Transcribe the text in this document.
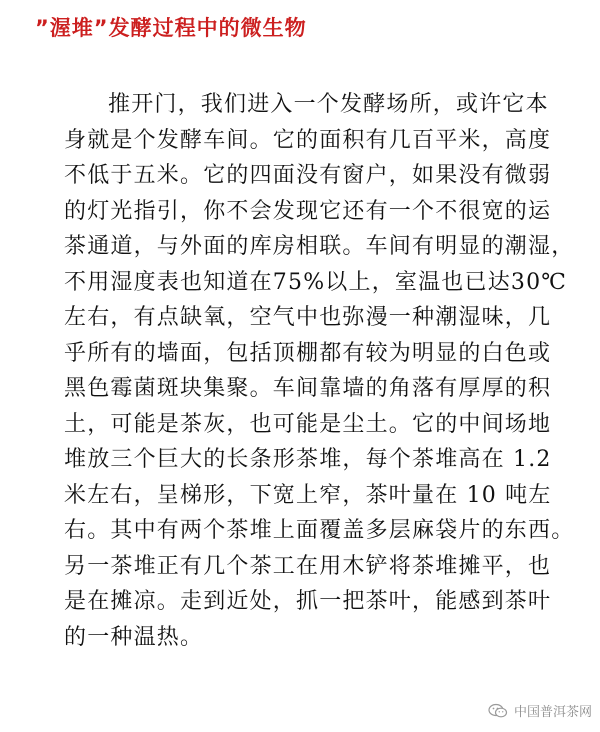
”渥堆”发酵过程中的微生物
推开门，我们进入一个发酵场所，或许它本
身就是个发酵车间。它的面积有几百平米，高度
不低于五米。它的四面没有窗户，如果没有微弱
的灯光指引，你不会发现它还有一个不很宽的运
茶通道，与外面的库房相联。车间有明显的潮湿，
不用湿度表也知道在75%以上，室温也已达30℃
左右，有点缺氧，空气中也弥漫一种潮湿味，几
乎所有的墙面，包括顶棚都有较为明显的白色或
黑色霉菌斑块集聚。车间靠墙的角落有厚厚的积
土，可能是茶灰，也可能是尘土。它的中间场地
堆放三个巨大的长条形茶堆，每个茶堆高在 1.2
米左右，呈梯形，下宽上窄，茶叶量在 10 吨左
右。其中有两个茶堆上面覆盖多层麻袋片的东西。
另一茶堆正有几个茶工在用木铲将茶堆摊平，也
是在摊凉。走到近处，抓一把茶叶，能感到茶叶
的一种温热。
中国普洱茶网
